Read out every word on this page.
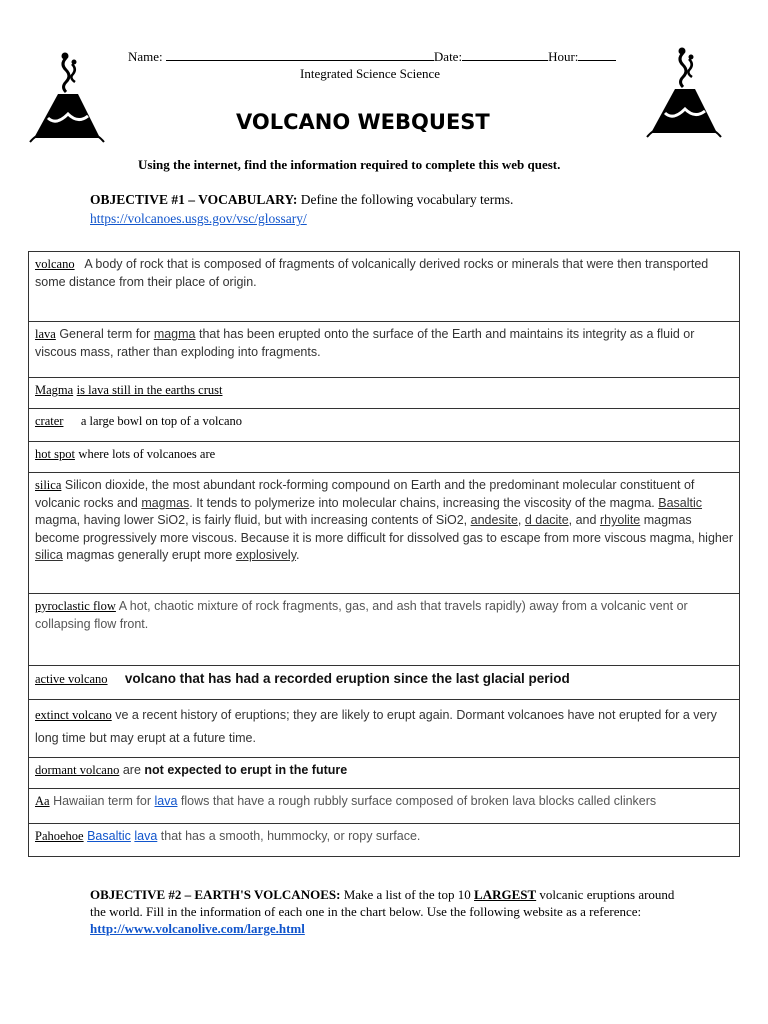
Name:	Date:	Hour:
Integrated Science Science
VOLCANO WEBQUEST
Using the internet, find the information required to complete this web quest.
OBJECTIVE #1 – VOCABULARY: Define the following vocabulary terms.
https://volcanoes.usgs.gov/vsc/glossary/
volcano A body of rock that is composed of fragments of volcanically derived rocks or minerals that were then transported some distance from their place of origin.
lava General term for magma that has been erupted onto the surface of the Earth and maintains its integrity as a fluid or viscous mass, rather than exploding into fragments.
Magma is lava still in the earths crust
crater a large bowl on top of a volcano
hot spot where lots of volcanoes are
silica Silicon dioxide, the most abundant rock-forming compound on Earth and the predominant molecular constituent of volcanic rocks and magmas. It tends to polymerize into molecular chains, increasing the viscosity of the magma. Basaltic magma, having lower SiO2, is fairly fluid, but with increasing contents of SiO2, andesite, d dacite, and rhyolite magmas become progressively more viscous. Because it is more difficult for dissolved gas to escape from more viscous magma, higher silica magmas generally erupt more explosively.
pyroclastic flow A hot, chaotic mixture of rock fragments, gas, and ash that travels rapidly) away from a volcanic vent or collapsing flow front.
active volcano volcano that has had a recorded eruption since the last glacial period
extinct volcano ve a recent history of eruptions; they are likely to erupt again. Dormant volcanoes have not erupted for a very long time but may erupt at a future time.
dormant volcano are not expected to erupt in the future
Aa Hawaiian term for lava flows that have a rough rubbly surface composed of broken lava blocks called clinkers
Pahoehoe Basaltic lava that has a smooth, hummocky, or ropy surface.
OBJECTIVE #2 – EARTH'S VOLCANOES: Make a list of the top 10 LARGEST volcanic eruptions around the world. Fill in the information of each one in the chart below. Use the following website as a reference: http://www.volcanolive.com/large.html
